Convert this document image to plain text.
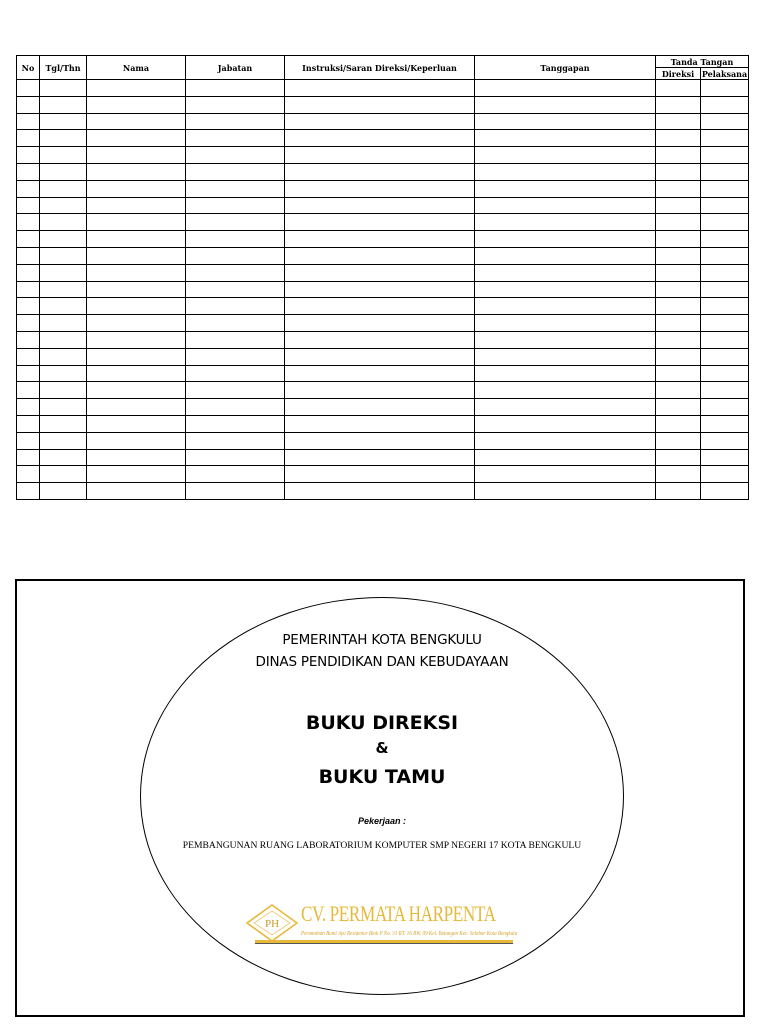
No	Tgl/Thn	Nama	Jabatan	Instruksi/Saran Direksi/Keperluan	Tanggapan	Tanda Tangan	
						Direksi	Pelaksana

PEMERINTAH KOTA BENGKULU
DINAS PENDIDIKAN DAN KEBUDAYAAN
BUKU DIREKSI
&
BUKU TAMU
Pekerjaan :
PEMBANGUNAN RUANG LABORATORIUM KOMPUTER SMP NEGERI 17 KOTA BENGKULU
PH CV. PERMATA HARPENTA
Perumahan Bumi Ayu Residence Blok P No. 31 RT. 16 RW. 09 Kel. Betungan Kec. Selebar Kota Bengkulu
